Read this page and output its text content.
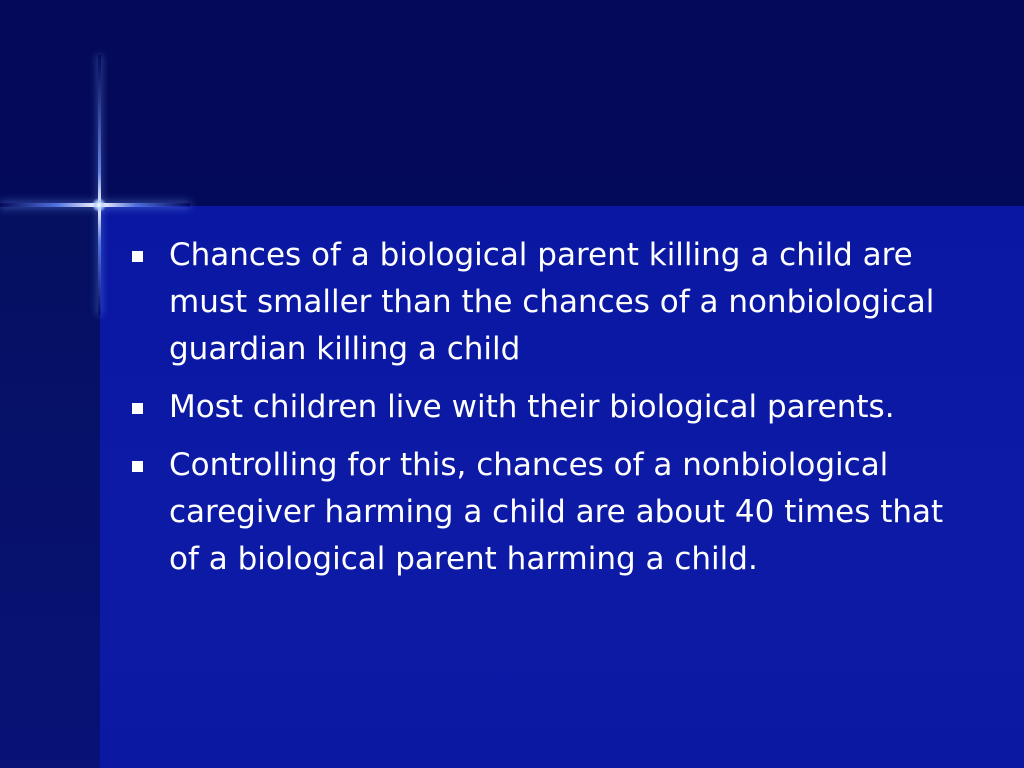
Chances of a biological parent killing a child are must smaller than the chances of a nonbiological guardian killing a child
Most children live with their biological parents.
Controlling for this, chances of a nonbiological caregiver harming a child are about 40 times that of a biological parent harming a child.
